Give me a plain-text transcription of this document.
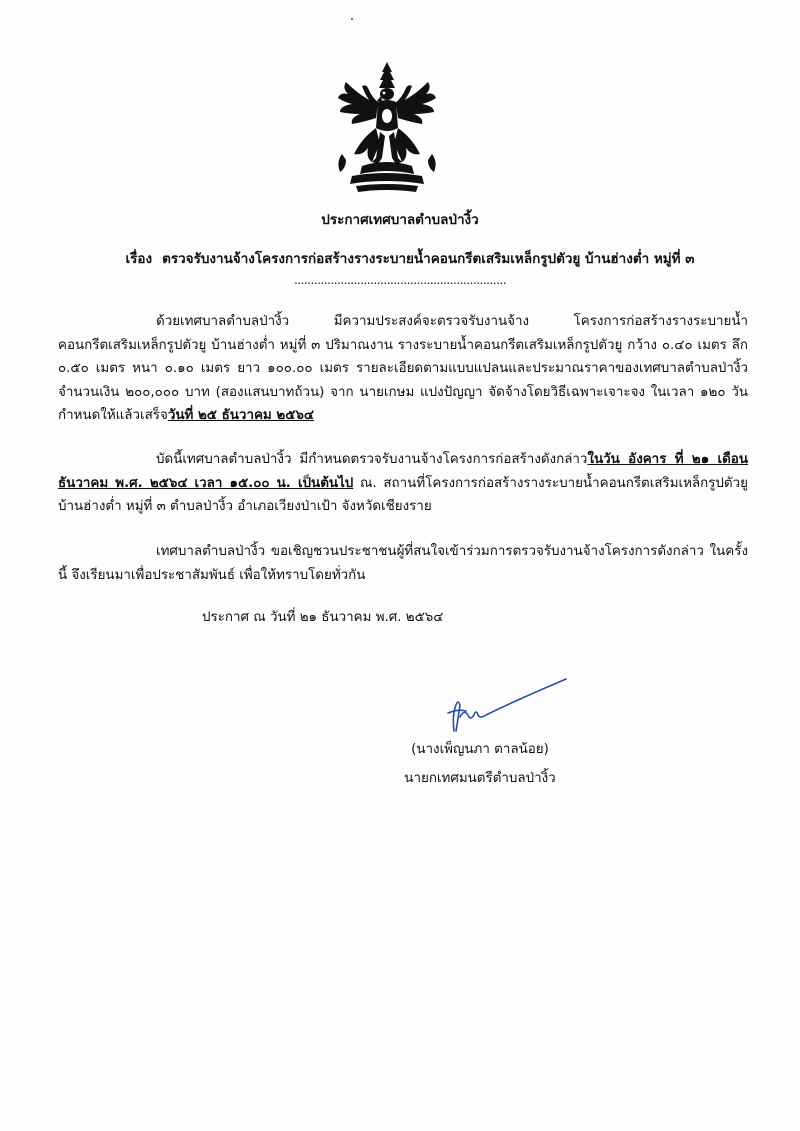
ประกาศเทศบาลตำบลป่างิ้ว
เรื่อง ตรวจรับงานจ้างโครงการก่อสร้างรางระบายน้ำคอนกรีตเสริมเหล็กรูปตัวยู บ้านฮ่างต่ำ หมู่ที่ ๓
................................................................
ด้วยเทศบาลตำบลป่างิ้ว มีความประสงค์จะตรวจรับงานจ้าง โครงการก่อสร้างรางระบายน้ำคอนกรีตเสริมเหล็กรูปตัวยู บ้านฮ่างต่ำ หมู่ที่ ๓ ปริมาณงาน รางระบายน้ำคอนกรีตเสริมเหล็กรูปตัวยู กว้าง ๐.๔๐ เมตร ลึก ๐.๕๐ เมตร หนา ๐.๑๐ เมตร ยาว ๑๐๐.๐๐ เมตร รายละเอียดตามแบบแปลนและประมาณราคาของเทศบาลตำบลป่างิ้ว จำนวนเงิน ๒๐๐,๐๐๐ บาท (สองแสนบาทถ้วน) จาก นายเกษม แปงปัญญา จัดจ้างโดยวิธีเฉพาะเจาะจง ในเวลา ๑๒๐ วัน กำหนดให้แล้วเสร็จวันที่ ๒๕ ธันวาคม ๒๕๖๔
บัดนี้เทศบาลตำบลป่างิ้ว มีกำหนดตรวจรับงานจ้างโครงการก่อสร้างดังกล่าวในวัน อังคาร ที่ ๒๑ เดือน ธันวาคม พ.ศ. ๒๕๖๔ เวลา ๑๕.๐๐ น. เป็นต้นไป ณ. สถานที่โครงการก่อสร้างรางระบายน้ำคอนกรีตเสริมเหล็กรูปตัวยู บ้านฮ่างต่ำ หมู่ที่ ๓ ตำบลป่างิ้ว อำเภอเวียงป่าเป้า จังหวัดเชียงราย
เทศบาลตำบลป่างิ้ว ขอเชิญชวนประชาชนผู้ที่สนใจเข้าร่วมการตรวจรับงานจ้างโครงการดังกล่าว ในครั้งนี้ จึงเรียนมาเพื่อประชาสัมพันธ์ เพื่อให้ทราบโดยทั่วกัน
ประกาศ ณ วันที่ ๒๑ ธันวาคม พ.ศ. ๒๕๖๔
(นางเพ็ญนภา ตาลน้อย)
นายกเทศมนตรีตำบลป่างิ้ว
